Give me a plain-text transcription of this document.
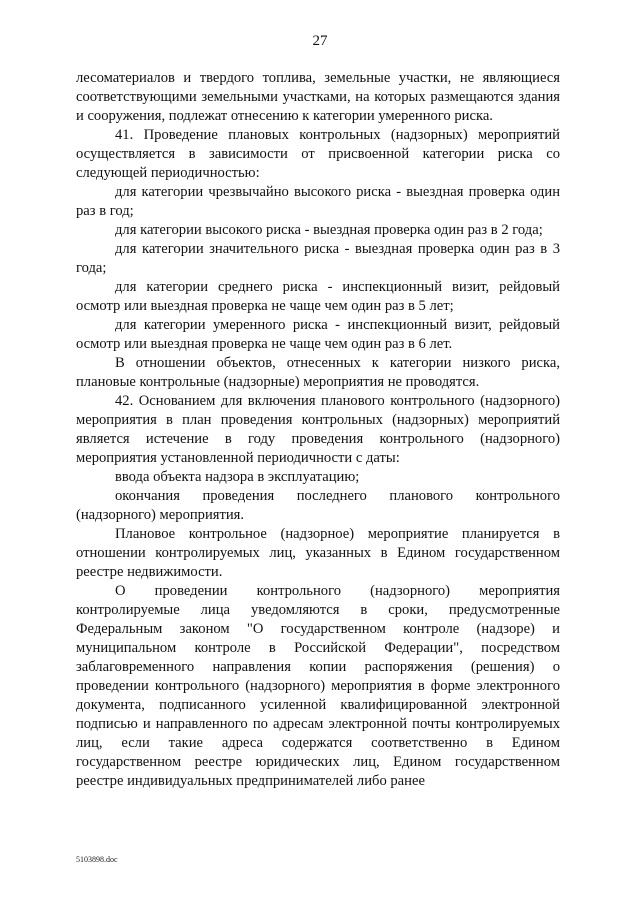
27

лесоматериалов и твердого топлива, земельные участки, не являющиеся соответствующими земельными участками, на которых размещаются здания и сооружения, подлежат отнесению к категории умеренного риска.

41. Проведение плановых контрольных (надзорных) мероприятий осуществляется в зависимости от присвоенной категории риска со следующей периодичностью:

для категории чрезвычайно высокого риска - выездная проверка один раз в год;

для категории высокого риска - выездная проверка один раз в 2 года;

для категории значительного риска - выездная проверка один раз в 3 года;

для категории среднего риска - инспекционный визит, рейдовый осмотр или выездная проверка не чаще чем один раз в 5 лет;

для категории умеренного риска - инспекционный визит, рейдовый осмотр или выездная проверка не чаще чем один раз в 6 лет.

В отношении объектов, отнесенных к категории низкого риска, плановые контрольные (надзорные) мероприятия не проводятся.

42. Основанием для включения планового контрольного (надзорного) мероприятия в план проведения контрольных (надзорных) мероприятий является истечение в году проведения контрольного (надзорного) мероприятия установленной периодичности с даты:

ввода объекта надзора в эксплуатацию;

окончания проведения последнего планового контрольного (надзорного) мероприятия.

Плановое контрольное (надзорное) мероприятие планируется в отношении контролируемых лиц, указанных в Едином государственном реестре недвижимости.

О проведении контрольного (надзорного) мероприятия контролируемые лица уведомляются в сроки, предусмотренные Федеральным законом "О государственном контроле (надзоре) и муниципальном контроле в Российской Федерации", посредством заблаговременного направления копии распоряжения (решения) о проведении контрольного (надзорного) мероприятия в форме электронного документа, подписанного усиленной квалифицированной электронной подписью и направленного по адресам электронной почты контролируемых лиц, если такие адреса содержатся соответственно в Едином государственном реестре юридических лиц, Едином государственном реестре индивидуальных предпринимателей либо ранее

5103898.doc
